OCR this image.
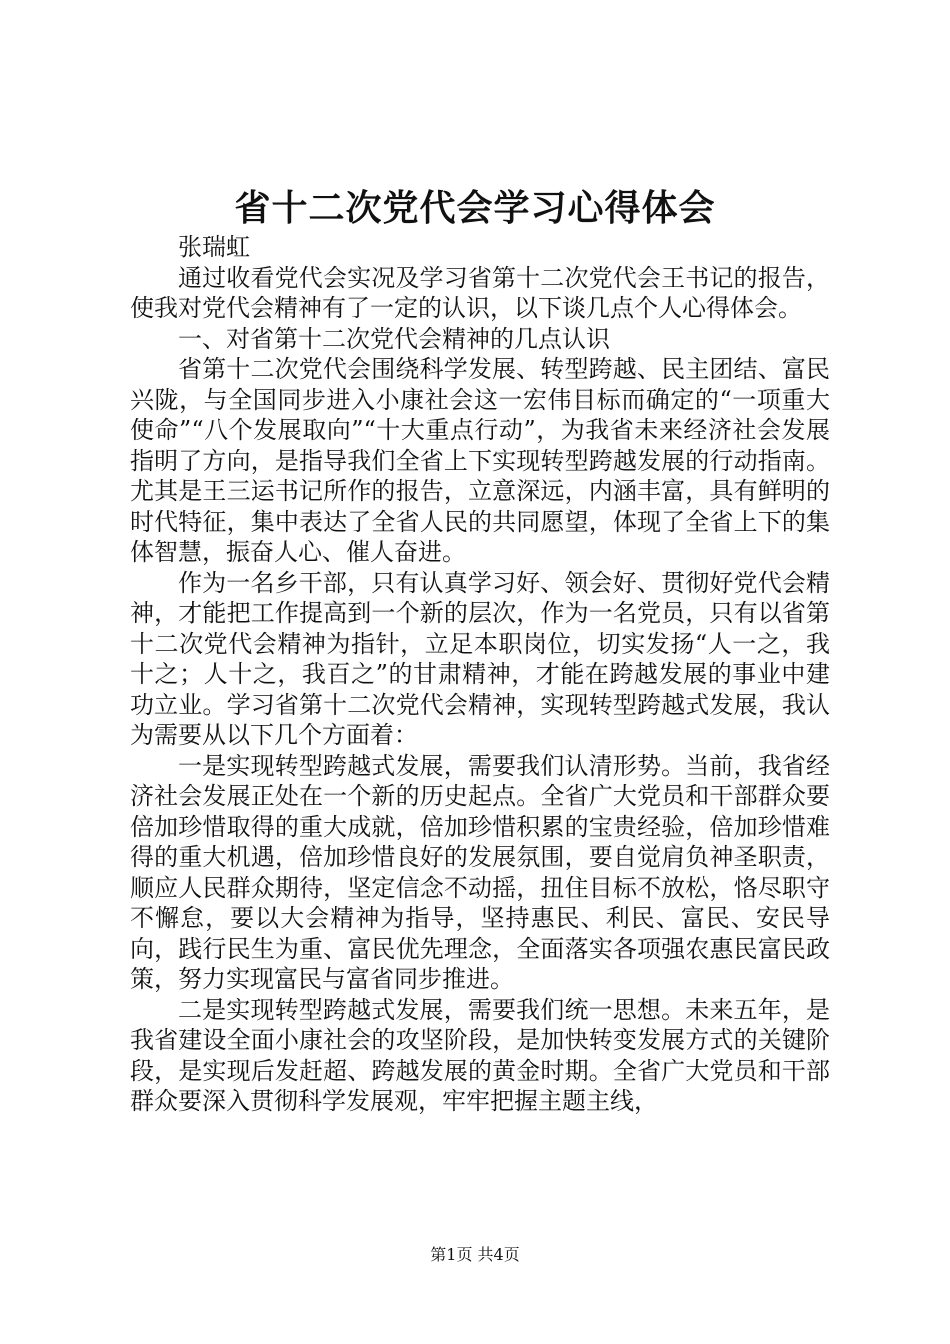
省十二次党代会学习心得体会

张瑞虹

通过收看党代会实况及学习省第十二次党代会王书记的报告，使我对党代会精神有了一定的认识，以下谈几点个人心得体会。

一、对省第十二次党代会精神的几点认识

省第十二次党代会围绕科学发展、转型跨越、民主团结、富民兴陇，与全国同步进入小康社会这一宏伟目标而确定的“一项重大使命”“八个发展取向”“十大重点行动”，为我省未来经济社会发展指明了方向，是指导我们全省上下实现转型跨越发展的行动指南。尤其是王三运书记所作的报告，立意深远，内涵丰富，具有鲜明的时代特征，集中表达了全省人民的共同愿望，体现了全省上下的集体智慧，振奋人心、催人奋进。

作为一名乡干部，只有认真学习好、领会好、贯彻好党代会精神，才能把工作提高到一个新的层次，作为一名党员，只有以省第十二次党代会精神为指针，立足本职岗位，切实发扬“人一之，我十之；人十之，我百之”的甘肃精神，才能在跨越发展的事业中建功立业。学习省第十二次党代会精神，实现转型跨越式发展，我认为需要从以下几个方面着：

一是实现转型跨越式发展，需要我们认清形势。当前，我省经济社会发展正处在一个新的历史起点。全省广大党员和干部群众要倍加珍惜取得的重大成就，倍加珍惜积累的宝贵经验，倍加珍惜难得的重大机遇，倍加珍惜良好的发展氛围，要自觉肩负神圣职责，顺应人民群众期待，坚定信念不动摇，扭住目标不放松，恪尽职守不懈怠，要以大会精神为指导，坚持惠民、利民、富民、安民导向，践行民生为重、富民优先理念，全面落实各项强农惠民富民政策，努力实现富民与富省同步推进。

二是实现转型跨越式发展，需要我们统一思想。未来五年，是我省建设全面小康社会的攻坚阶段，是加快转变发展方式的关键阶段，是实现后发赶超、跨越发展的黄金时期。全省广大党员和干部群众要深入贯彻科学发展观，牢牢把握主题主线，

第1页 共4页
